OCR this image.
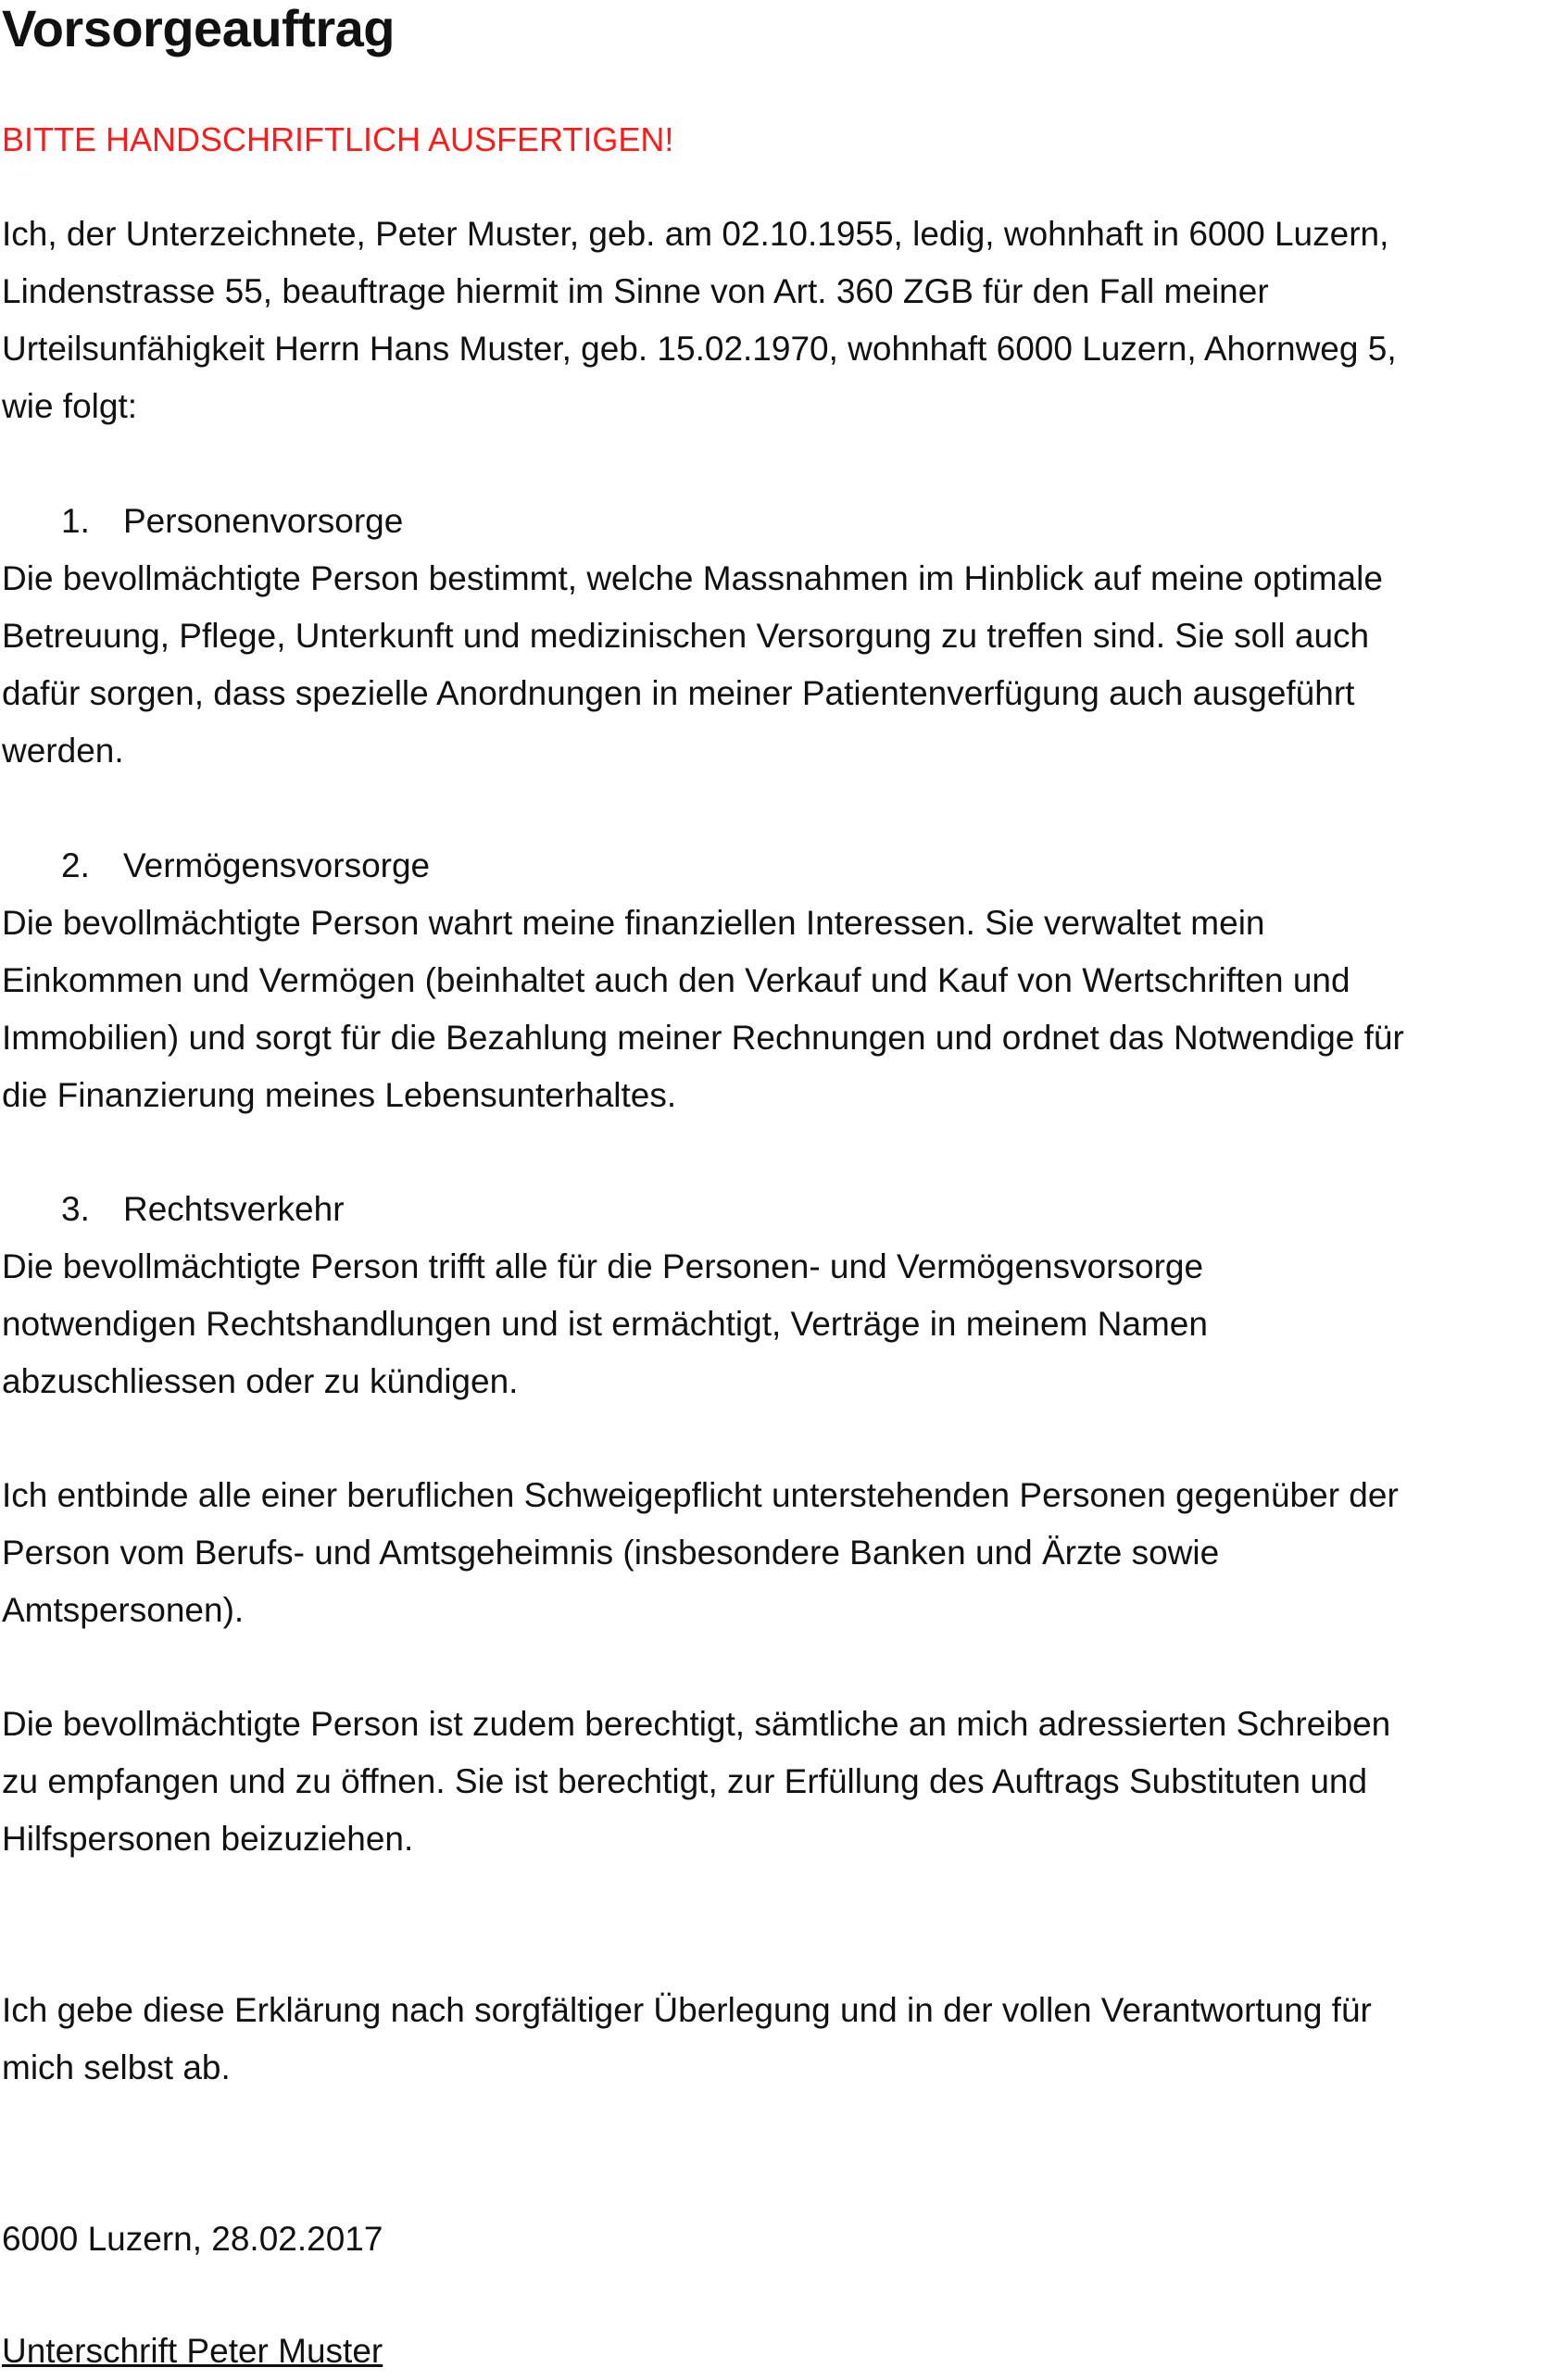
Vorsorgeauftrag
BITTE HANDSCHRIFTLICH AUSFERTIGEN!

Ich, der Unterzeichnete, Peter Muster, geb. am 02.10.1955, ledig, wohnhaft in 6000 Luzern,
Lindenstrasse 55, beauftrage hiermit im Sinne von Art. 360 ZGB für den Fall meiner
Urteilsunfähigkeit Herrn Hans Muster, geb. 15.02.1970, wohnhaft 6000 Luzern, Ahornweg 5,
wie folgt:

1. Personenvorsorge

Die bevollmächtigte Person bestimmt, welche Massnahmen im Hinblick auf meine optimale
Betreuung, Pflege, Unterkunft und medizinischen Versorgung zu treffen sind. Sie soll auch
dafür sorgen, dass spezielle Anordnungen in meiner Patientenverfügung auch ausgeführt
werden.

2. Vermögensvorsorge

Die bevollmächtigte Person wahrt meine finanziellen Interessen. Sie verwaltet mein
Einkommen und Vermögen (beinhaltet auch den Verkauf und Kauf von Wertschriften und
Immobilien) und sorgt für die Bezahlung meiner Rechnungen und ordnet das Notwendige für
die Finanzierung meines Lebensunterhaltes.

3. Rechtsverkehr

Die bevollmächtigte Person trifft alle für die Personen- und Vermögensvorsorge
notwendigen Rechtshandlungen und ist ermächtigt, Verträge in meinem Namen
abzuschliessen oder zu kündigen.

Ich entbinde alle einer beruflichen Schweigepflicht unterstehenden Personen gegenüber der
Person vom Berufs- und Amtsgeheimnis (insbesondere Banken und Ärzte sowie
Amtspersonen).

Die bevollmächtigte Person ist zudem berechtigt, sämtliche an mich adressierten Schreiben
zu empfangen und zu öffnen. Sie ist berechtigt, zur Erfüllung des Auftrags Substituten und
Hilfspersonen beizuziehen.

Ich gebe diese Erklärung nach sorgfältiger Überlegung und in der vollen Verantwortung für
mich selbst ab.

6000 Luzern, 28.02.2017
Unterschrift Peter Muster
